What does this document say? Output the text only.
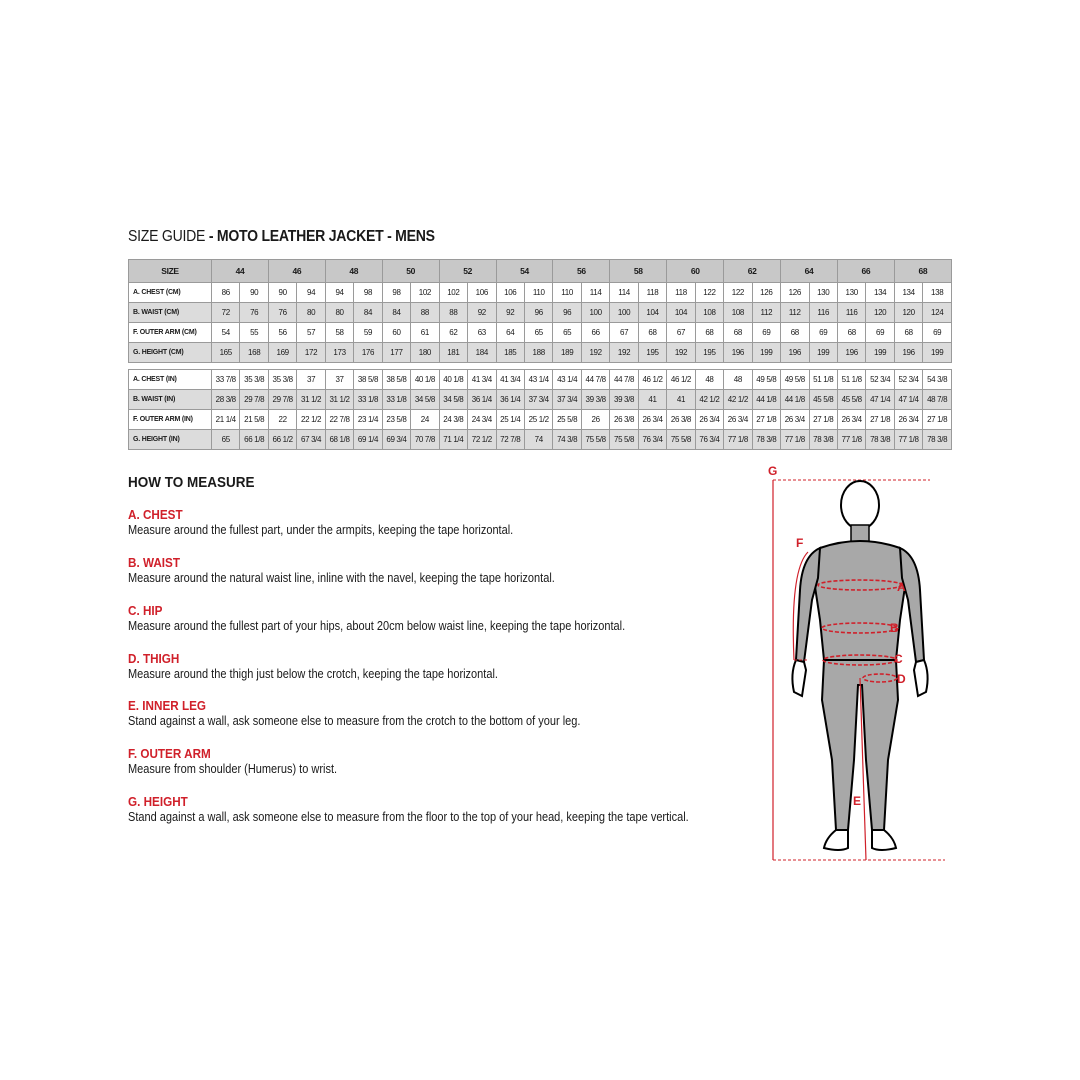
SIZE GUIDE - MOTO LEATHER JACKET - MENS
SIZE	44		46		48		50		52		54		56		58		60		62		64		66		68	
A. CHEST (CM)	86	90	90	94	94	98	98	102	102	106	106	110	110	114	114	118	118	122	122	126	126	130	130	134	134	138
B. WAIST (CM)	72	76	76	80	80	84	84	88	88	92	92	96	96	100	100	104	104	108	108	112	112	116	116	120	120	124
F. OUTER ARM (CM)	54	55	56	57	58	59	60	61	62	63	64	65	65	66	67	68	67	68	68	69	68	69	68	69	68	69
G. HEIGHT (CM)	165	168	169	172	173	176	177	180	181	184	185	188	189	192	192	195	192	195	196	199	196	199	196	199	196	199

A. CHEST (IN)	33 7/8	35 3/8	35 3/8	37	37	38 5/8	38 5/8	40 1/8	40 1/8	41 3/4	41 3/4	43 1/4	43 1/4	44 7/8	44 7/8	46 1/2	46 1/2	48	48	49 5/8	49 5/8	51 1/8	51 1/8	52 3/4	52 3/4	54 3/8
B. WAIST (IN)	28 3/8	29 7/8	29 7/8	31 1/2	31 1/2	33 1/8	33 1/8	34 5/8	34 5/8	36 1/4	36 1/4	37 3/4	37 3/4	39 3/8	39 3/8	41	41	42 1/2	42 1/2	44 1/8	44 1/8	45 5/8	45 5/8	47 1/4	47 1/4	48 7/8
F. OUTER ARM (IN)	21 1/4	21 5/8	22	22 1/2	22 7/8	23 1/4	23 5/8	24	24 3/8	24 3/4	25 1/4	25 1/2	25 5/8	26	26 3/8	26 3/4	26 3/8	26 3/4	26 3/4	27 1/8	26 3/4	27 1/8	26 3/4	27 1/8	26 3/4	27 1/8
G. HEIGHT (IN)	65	66 1/8	66 1/2	67 3/4	68 1/8	69 1/4	69 3/4	70 7/8	71 1/4	72 1/2	72 7/8	74	74 3/8	75 5/8	75 5/8	76 3/4	75 5/8	76 3/4	77 1/8	78 3/8	77 1/8	78 3/8	77 1/8	78 3/8	77 1/8	78 3/8
HOW TO MEASURE
A. CHEST
Measure around the fullest part, under the armpits, keeping the tape horizontal.
B. WAIST
Measure around the natural waist line, inline with the navel, keeping the tape horizontal.
C. HIP
Measure around the fullest part of your hips, about 20cm below waist line, keeping the tape horizontal.
D. THIGH
Measure around the thigh just below the crotch, keeping the tape horizontal.
E. INNER LEG
Stand against a wall, ask someone else to measure from the crotch to the bottom of your leg.
F. OUTER ARM
Measure from shoulder (Humerus) to wrist.
G. HEIGHT
Stand against a wall, ask someone else to measure from the floor to the top of your head, keeping the tape vertical.
G
F
A
B
C
D
E
